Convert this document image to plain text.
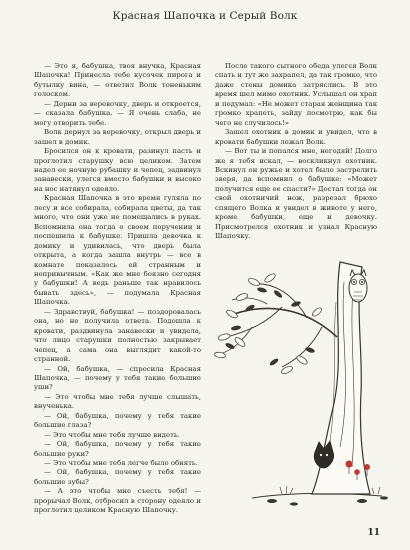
Красная Шапочка и Серый Волк

— Это я, бабушка, твоя внучка, Красная Шапочка! Принесла тебе кусочек пирога и бутылку вина, — ответил Волк тоненьким голоском.

— Дерни за веревочку, дверь и откроется, — сказала бабушка. — Я очень слаба, не могу отворить тебе.

Волк дернул за веревочку, открыл дверь и зашел в домик.

Бросился он к кровати, разинул пасть и проглотил старушку всю целиком. Затем надел ее ночную рубашку и чепец, задвинул занавески, улегся вместо бабушки и высоко на нос натянул одеяло.

Красная Шапочка в это время гуляла по лесу и все собирала, собирала цветы, да так много, что они уже не помещались в руках. Вспомнила она тогда о своем поручении и поспешила к бабушке. Пришла девочка к домику и удивилась, что дверь была открыта, а когда зашла внутрь — все в комнате показалось ей странным и непривычным. «Как же мне боязно сегодня у бабушки! А ведь раньше так нравилось бывать здесь», — подумала Красная Шапочка.

— Здравствуй, бабушка! — поздоровалась она, но не получила ответа. Подошла к кровати, раздвинула занавески и увидела, что лицо старушки полностью закрывает чепец, а сама она выглядит какой-то странной.

— Ой, бабушка, — спросила Красная Шапочка, — почему у тебя такие большие уши?

— Это чтобы мне тебя лучше слышать, внученька.

— Ой, бабушка, почему у тебя такие большие глаза?

— Это чтобы мне тебя лучше видеть.

— Ой, бабушка, почему у тебя такие большие руки?

— Это чтобы мне тебя легче было обнять.

— Ой, бабушка, почему у тебя такие большие зубы?

— А это чтобы мне съесть тебя! — прорычал Волк, отбросил в сторону одеяло и проглотил целиком Красную Шапочку.

После такого сытного обеда улегся Волк спать и тут же захрапел, да так громко, что даже стены домика затряслись. В это время шел мимо охотник. Услышал он храп и подумал: «Не может старая женщина так громко храпеть, зайду посмотрю, как бы чего не случилось!»

Зашел охотник в домик и увидел, что в кровати бабушки лежал Волк.

— Вот ты и попался мне, негодяй! Долго же я тебя искал, — воскликнул охотник. Вскинул он ружье и хотел было застрелить зверя, да вспомнил о бабушке: «Может получится еще ее спасти?» Достал тогда он свой охотничий нож, разрезал брюхо спящего Волка и увидел в животе у него, кроме бабушки, еще и девочку. Присмотрелся охотник и узнал Красную Шапочку.

11
